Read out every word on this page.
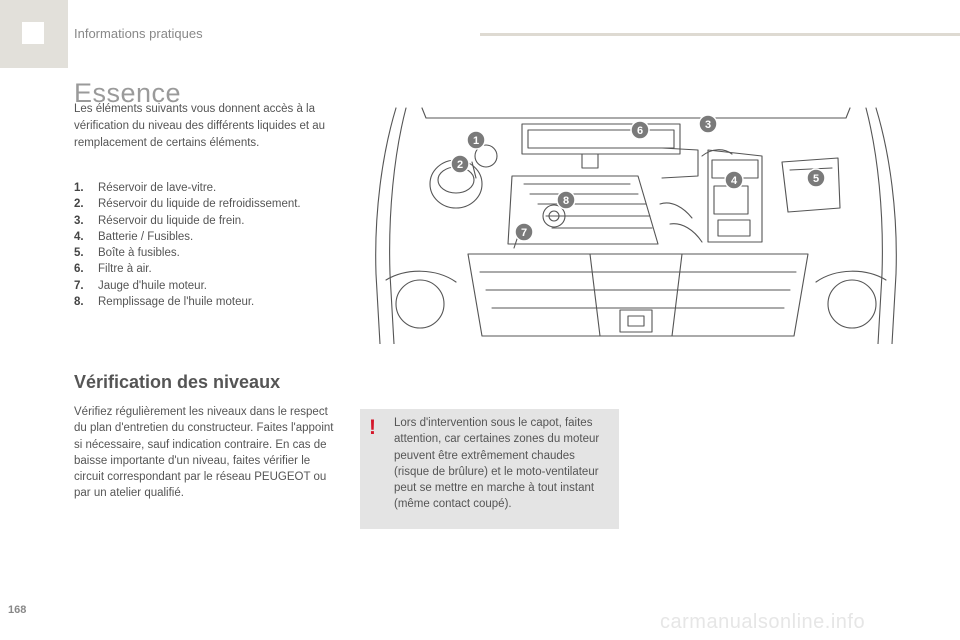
Informations pratiques
Essence

Les éléments suivants vous donnent accès à la vérification du niveau des différents liquides et au remplacement de certains éléments.

1. Réservoir de lave-vitre.
2. Réservoir du liquide de refroidissement.
3. Réservoir du liquide de frein.
4. Batterie / Fusibles.
5. Boîte à fusibles.
6. Filtre à air.
7. Jauge d'huile moteur.
8. Remplissage de l'huile moteur.
1
2
3
4	5
6
7
8
Vérification des niveaux

Vérifiez régulièrement les niveaux dans le respect du plan d'entretien du constructeur. Faites l'appoint si nécessaire, sauf indication contraire. En cas de baisse importante d'un niveau, faites vérifier le circuit correspondant par le réseau PEUGEOT ou par un atelier qualifié.

! Lors d'intervention sous le capot, faites attention, car certaines zones du moteur peuvent être extrêmement chaudes (risque de brûlure) et le moto-ventilateur peut se mettre en marche à tout instant (même contact coupé).

168
carmanualsonline.info
